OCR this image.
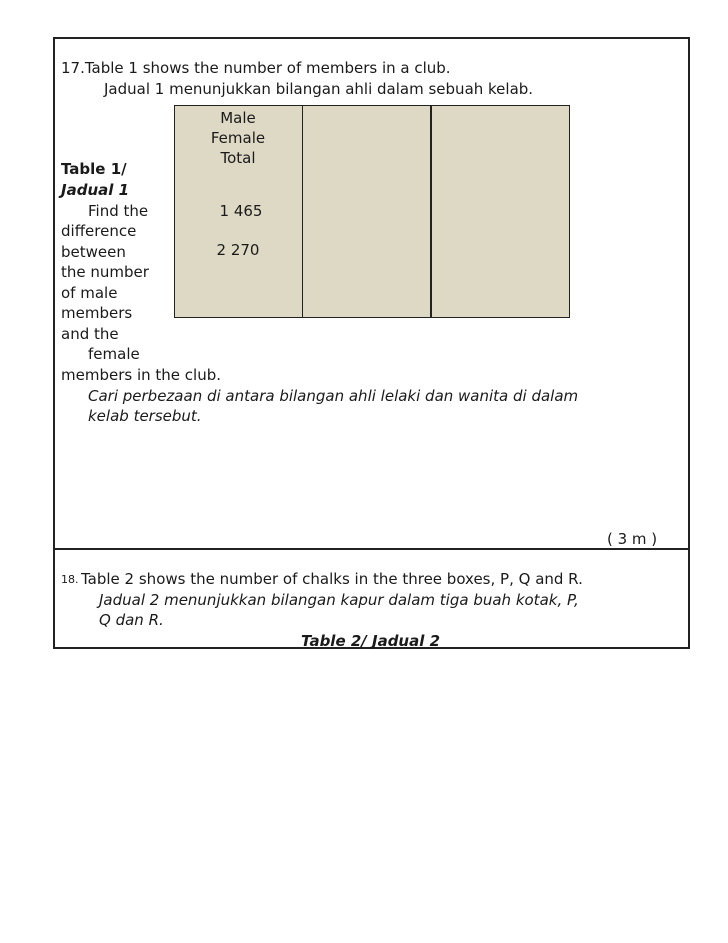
17.Table 1 shows the number of members in a club.
Jadual 1 menunjukkan bilangan ahli dalam sebuah kelab.
Male
Female
Total
1 465
2 270
Table 1/
Jadual 1
Find the
difference
between
the number
of male
members
and the
female
members in the club.
Cari perbezaan di antara bilangan ahli lelaki dan wanita di dalam
kelab tersebut.
( 3 m )
18. Table 2 shows the number of chalks in the three boxes, P, Q and R.
Jadual 2 menunjukkan bilangan kapur dalam tiga buah kotak, P,
Q dan R.
Table 2/ Jadual 2
